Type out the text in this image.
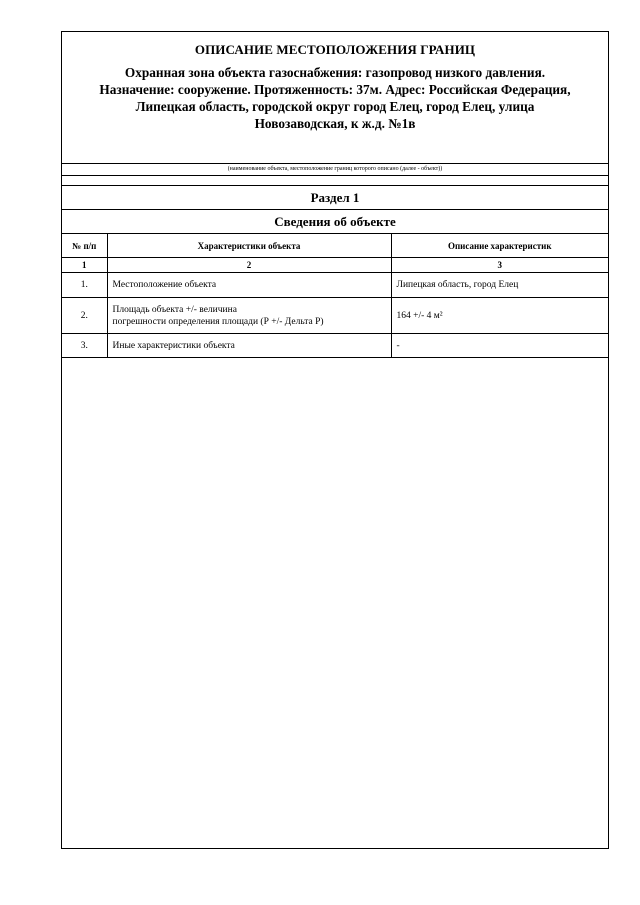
ОПИСАНИЕ МЕСТОПОЛОЖЕНИЯ ГРАНИЦ
Охранная зона объекта газоснабжения: газопровод низкого давления.
Назначение: сооружение. Протяженность: 37м. Адрес: Российская Федерация,
Липецкая область, городской округ город Елец, город Елец, улица
Новозаводская, к ж.д. №1в
(наименование объекта, местоположение границ которого описано (далее - объект))
Раздел 1
Сведения об объекте
№ п/п	Характеристики объекта	Описание характеристик
1	2	3
1.	Местоположение объекта	Липецкая область, город Елец
2.	Площадь объекта +/- величина
погрешности определения площади (Р +/- Дельта Р)	164 +/- 4 м²
3.	Иные характеристики объекта	-
